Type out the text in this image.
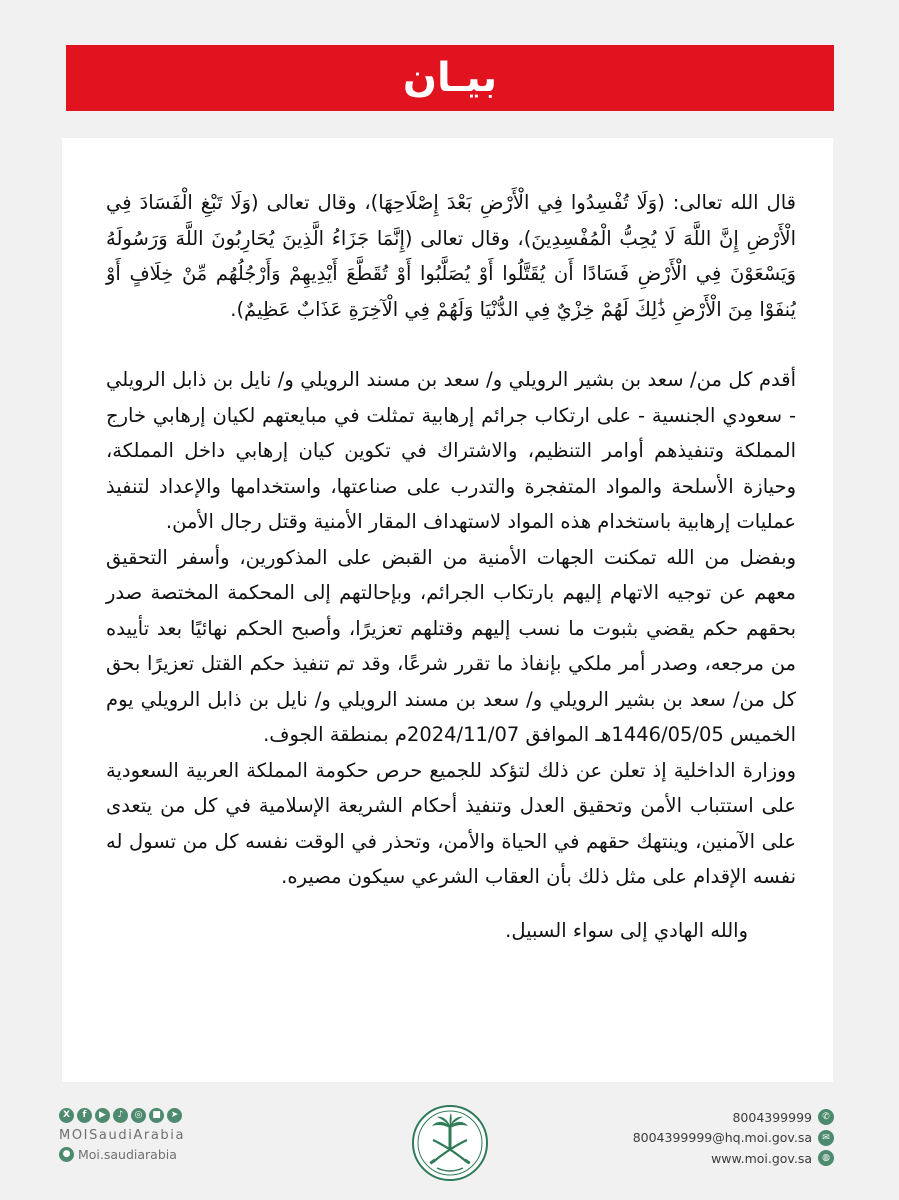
بيـان

قال الله تعالى: (وَلَا تُفْسِدُوا فِي الْأَرْضِ بَعْدَ إِصْلَاحِهَا)، وقال تعالى (وَلَا تَبْغِ الْفَسَادَ فِي الْأَرْضِ إِنَّ اللَّهَ لَا يُحِبُّ الْمُفْسِدِينَ)، وقال تعالى (إِنَّمَا جَزَاءُ الَّذِينَ يُحَارِبُونَ اللَّهَ وَرَسُولَهُ وَيَسْعَوْنَ فِي الْأَرْضِ فَسَادًا أَن يُقَتَّلُوا أَوْ يُصَلَّبُوا أَوْ تُقَطَّعَ أَيْدِيهِمْ وَأَرْجُلُهُم مِّنْ خِلَافٍ أَوْ يُنفَوْا مِنَ الْأَرْضِ ذَٰلِكَ لَهُمْ خِزْيٌ فِي الدُّنْيَا وَلَهُمْ فِي الْآخِرَةِ عَذَابٌ عَظِيمٌ).

أقدم كل من/ سعد بن بشير الرويلي و/ سعد بن مسند الرويلي و/ نايل بن ذابل الرويلي - سعودي الجنسية - على ارتكاب جرائم إرهابية تمثلت في مبايعتهم لكيان إرهابي خارج المملكة وتنفيذهم أوامر التنظيم، والاشتراك في تكوين كيان إرهابي داخل المملكة، وحيازة الأسلحة والمواد المتفجرة والتدرب على صناعتها، واستخدامها والإعداد لتنفيذ عمليات إرهابية باستخدام هذه المواد لاستهداف المقار الأمنية وقتل رجال الأمن.

وبفضل من الله تمكنت الجهات الأمنية من القبض على المذكورين، وأسفر التحقيق معهم عن توجيه الاتهام إليهم بارتكاب الجرائم، وبإحالتهم إلى المحكمة المختصة صدر بحقهم حكم يقضي بثبوت ما نسب إليهم وقتلهم تعزيرًا، وأصبح الحكم نهائيًا بعد تأييده من مرجعه، وصدر أمر ملكي بإنفاذ ما تقرر شرعًا، وقد تم تنفيذ حكم القتل تعزيرًا بحق كل من/ سعد بن بشير الرويلي و/ سعد بن مسند الرويلي و/ نايل بن ذابل الرويلي يوم الخميس 1446/05/05هـ الموافق 2024/11/07م بمنطقة الجوف.

ووزارة الداخلية إذ تعلن عن ذلك لتؤكد للجميع حرص حكومة المملكة العربية السعودية على استتباب الأمن وتحقيق العدل وتنفيذ أحكام الشريعة الإسلامية في كل من يتعدى على الآمنين، وينتهك حقهم في الحياة والأمن، وتحذر في الوقت نفسه كل من تسول له نفسه الإقدام على مثل ذلك بأن العقاب الشرعي سيكون مصيره.

والله الهادي إلى سواء السبيل.

X	f	▶	♪	◎	■	➤
MOISaudiArabia
● Moi.saudiarabia
8004399999	✆
8004399999@hq.moi.gov.sa	✉
www.moi.gov.sa	◍
